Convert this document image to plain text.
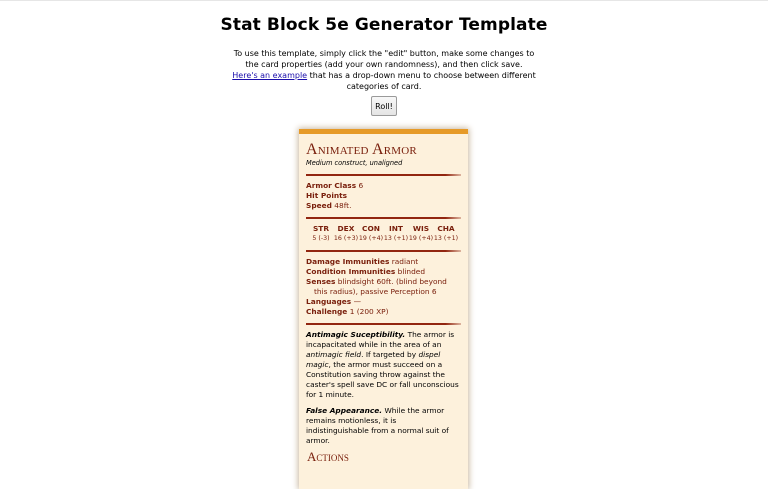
Stat Block 5e Generator Template

To use this template, simply click the "edit" button, make some changes to the card properties (add your own randomness), and then click save. Here's an example that has a drop-down menu to choose between different categories of card.

Roll!
Animated Armor
Medium construct, unaligned
Armor Class 6
Hit Points
Speed 48ft.
STR
5 (-3)
DEX
16 (+3)
CON
19 (+4)
INT
13 (+1)
WIS
19 (+4)
CHA
13 (+1)
Damage Immunities radiant
Condition Immunities blinded
Senses blindsight 60ft. (blind beyond this radius), passive Perception 6
Languages —
Challenge 1 (200 XP)

Antimagic Suceptibility. The armor is incapacitated while in the area of an antimagic field. If targeted by dispel magic, the armor must succeed on a Constitution saving throw against the caster's spell save DC or fall unconscious for 1 minute.

False Appearance. While the armor remains motionless, it is indistinguishable from a normal suit of armor.

Actions
